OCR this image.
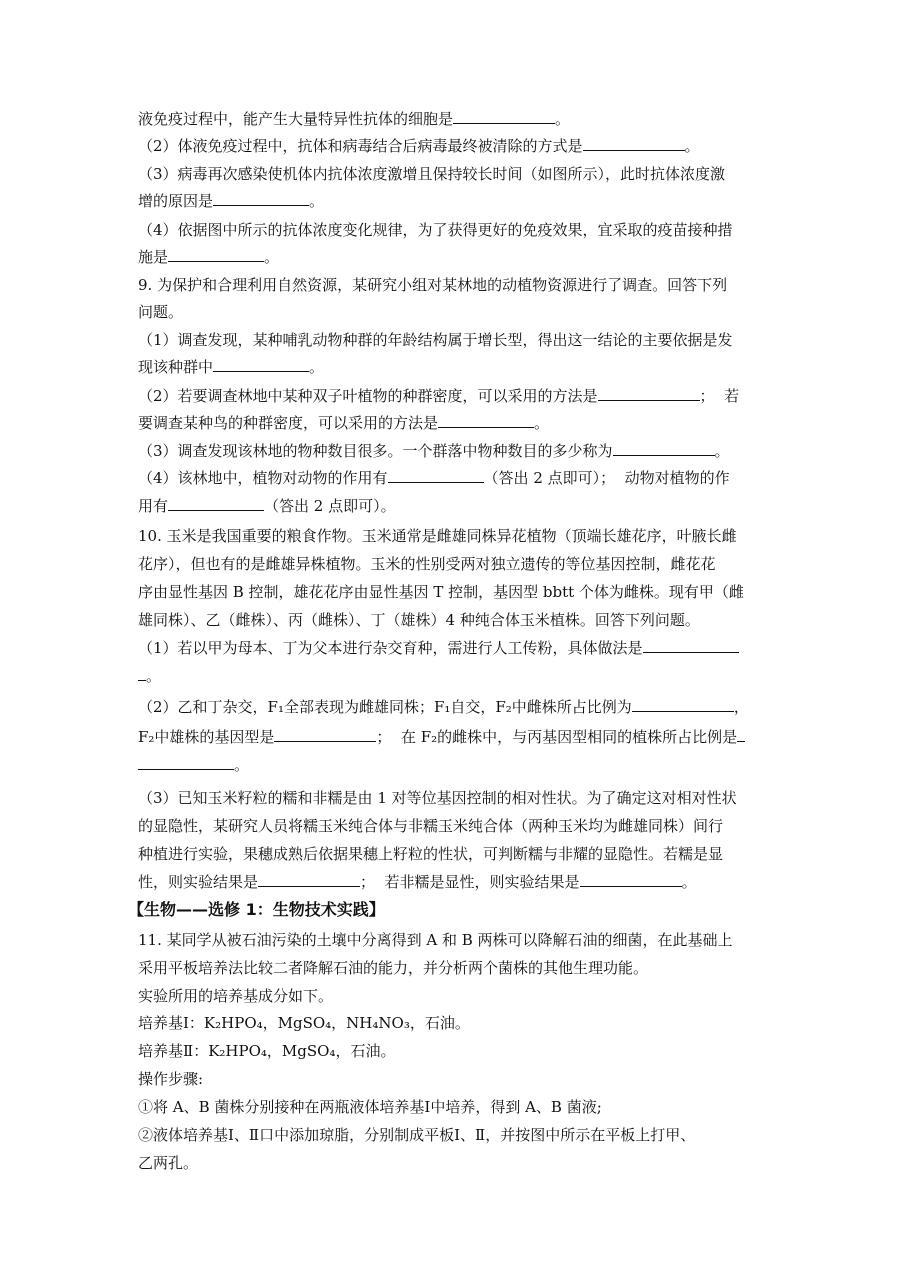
液免疫过程中，能产生大量特异性抗体的细胞是	。
（2）体液免疫过程中，抗体和病毒结合后病毒最终被清除的方式是	。
（3）病毒再次感染使机体内抗体浓度激增且保持较长时间（如图所示），此时抗体浓度激
增的原因是	。
（4）依据图中所示的抗体浓度变化规律，为了获得更好的免疫效果，宜采取的疫苗接种措
施是	。
9. 为保护和合理利用自然资源，某研究小组对某林地的动植物资源进行了调查。回答下列
问题。
（1）调查发现，某种哺乳动物种群的年龄结构属于增长型，得出这一结论的主要依据是发
现该种群中	。
（2）若要调查林地中某种双子叶植物的种群密度，可以采用的方法是	；  若
要调查某种鸟的种群密度，可以采用的方法是	。
（3）调查发现该林地的物种数目很多。一个群落中物种数目的多少称为	。
（4）该林地中，植物对动物的作用有	（答出 2 点即可）；  动物对植物的作
用有	（答出 2 点即可）。
10. 玉米是我国重要的粮食作物。玉米通常是雌雄同株异花植物（顶端长雄花序，叶腋长雌
花序），但也有的是雌雄异株植物。玉米的性别受两对独立遗传的等位基因控制，雌花花
序由显性基因 B 控制，雄花花序由显性基因 T 控制，基因型 bbtt 个体为雌株。现有甲（雌
雄同株）、乙（雌株）、丙（雌株）、丁（雄株）4 种纯合体玉米植株。回答下列问题。
（1）若以甲为母本、丁为父本进行杂交育种，需进行人工传粉，具体做法是
。
（2）乙和丁杂交，F₁全部表现为雌雄同株；F₁自交，F₂中雌株所占比例为	，
F₂中雄株的基因型是	；  在 F₂的雌株中，与丙基因型相同的植株所占比例是
。
（3）已知玉米籽粒的糯和非糯是由 1 对等位基因控制的相对性状。为了确定这对相对性状
的显隐性，某研究人员将糯玉米纯合体与非糯玉米纯合体（两种玉米均为雌雄同株）间行
种植进行实验，果穗成熟后依据果穗上籽粒的性状，可判断糯与非耀的显隐性。若糯是显
性，则实验结果是	；  若非糯是显性，则实验结果是	。
【生物——选修 1：生物技术实践】
11. 某同学从被石油污染的土壤中分离得到 A 和 B 两株可以降解石油的细菌，在此基础上
采用平板培养法比较二者降解石油的能力，并分析两个菌株的其他生理功能。
实验所用的培养基成分如下。
培养基Ⅰ：K₂HPO₄，MgSO₄，NH₄NO₃，石油。
培养基Ⅱ：K₂HPO₄，MgSO₄，石油。
操作步骤:
①将 A、B 菌株分别接种在两瓶液体培养基Ⅰ中培养，得到 A、B 菌液;
②液体培养基Ⅰ、Ⅱ口中添加琼脂，分别制成平板Ⅰ、Ⅱ，并按图中所示在平板上打甲、
乙两孔。
